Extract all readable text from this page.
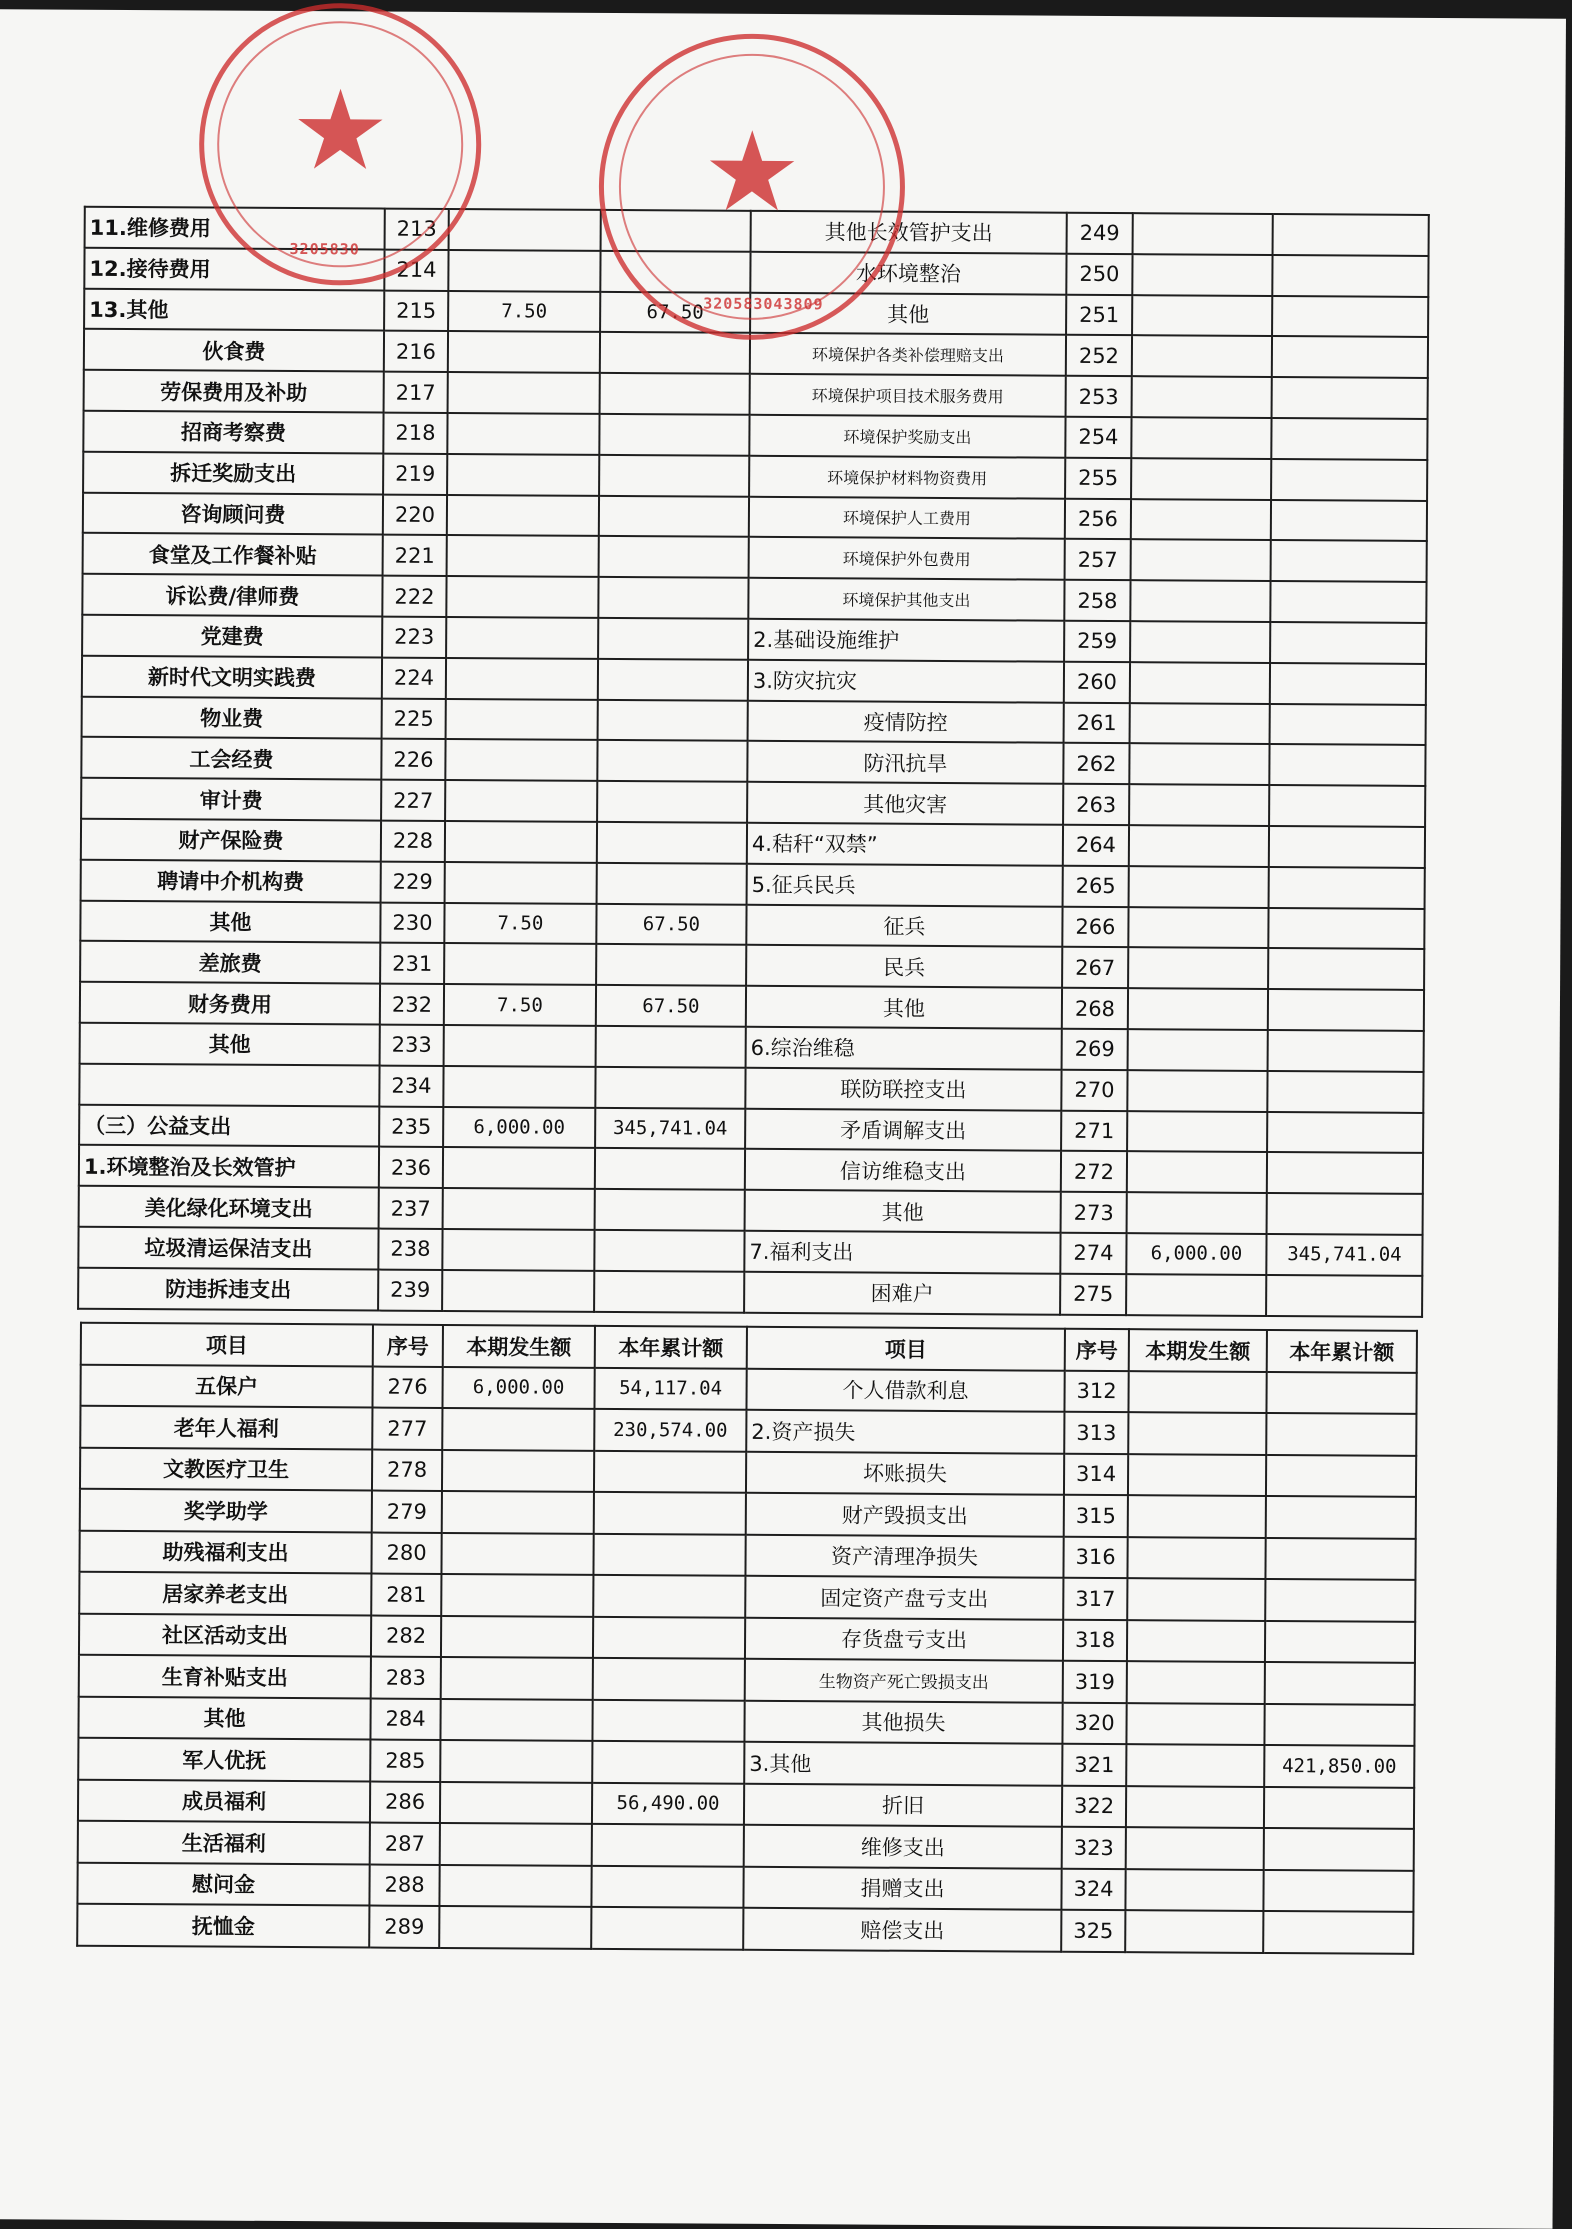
11.维修费用	213			其他长效管护支出	249		
12.接待费用	214			水环境整治	250		
13.其他	215	7.50	67.50	其他	251		
伙食费	216			环境保护各类补偿理赔支出	252		
劳保费用及补助	217			环境保护项目技术服务费用	253		
招商考察费	218			环境保护奖励支出	254		
拆迁奖励支出	219			环境保护材料物资费用	255		
咨询顾问费	220			环境保护人工费用	256		
食堂及工作餐补贴	221			环境保护外包费用	257		
诉讼费/律师费	222			环境保护其他支出	258		
党建费	223			2.基础设施维护	259		
新时代文明实践费	224			3.防灾抗灾	260		
物业费	225			疫情防控	261		
工会经费	226			防汛抗旱	262		
审计费	227			其他灾害	263		
财产保险费	228			4.秸秆“双禁”	264		
聘请中介机构费	229			5.征兵民兵	265		
其他	230	7.50	67.50	征兵	266		
差旅费	231			民兵	267		
财务费用	232	7.50	67.50	其他	268		
其他	233			6.综治维稳	269		
	234			联防联控支出	270		
（三）公益支出	235	6,000.00	345,741.04	矛盾调解支出	271		
1.环境整治及长效管护	236			信访维稳支出	272		
美化绿化环境支出	237			其他	273		
垃圾清运保洁支出	238			7.福利支出	274	6,000.00	345,741.04
防违拆违支出	239			困难户	275		
项目	序号	本期发生额	本年累计额	项目	序号	本期发生额	本年累计额
五保户	276	6,000.00	54,117.04	个人借款利息	312		
老年人福利	277		230,574.00	2.资产损失	313		
文教医疗卫生	278			坏账损失	314		
奖学助学	279			财产毁损支出	315		
助残福利支出	280			资产清理净损失	316		
居家养老支出	281			固定资产盘亏支出	317		
社区活动支出	282			存货盘亏支出	318		
生育补贴支出	283			生物资产死亡毁损支出	319		
其他	284			其他损失	320		
军人优抚	285			3.其他	321		421,850.00
成员福利	286		56,490.00	折旧	322		
生活福利	287			维修支出	323		
慰问金	288			捐赠支出	324		
抚恤金	289			赔偿支出	325		
★
3205830
★
320583043809
